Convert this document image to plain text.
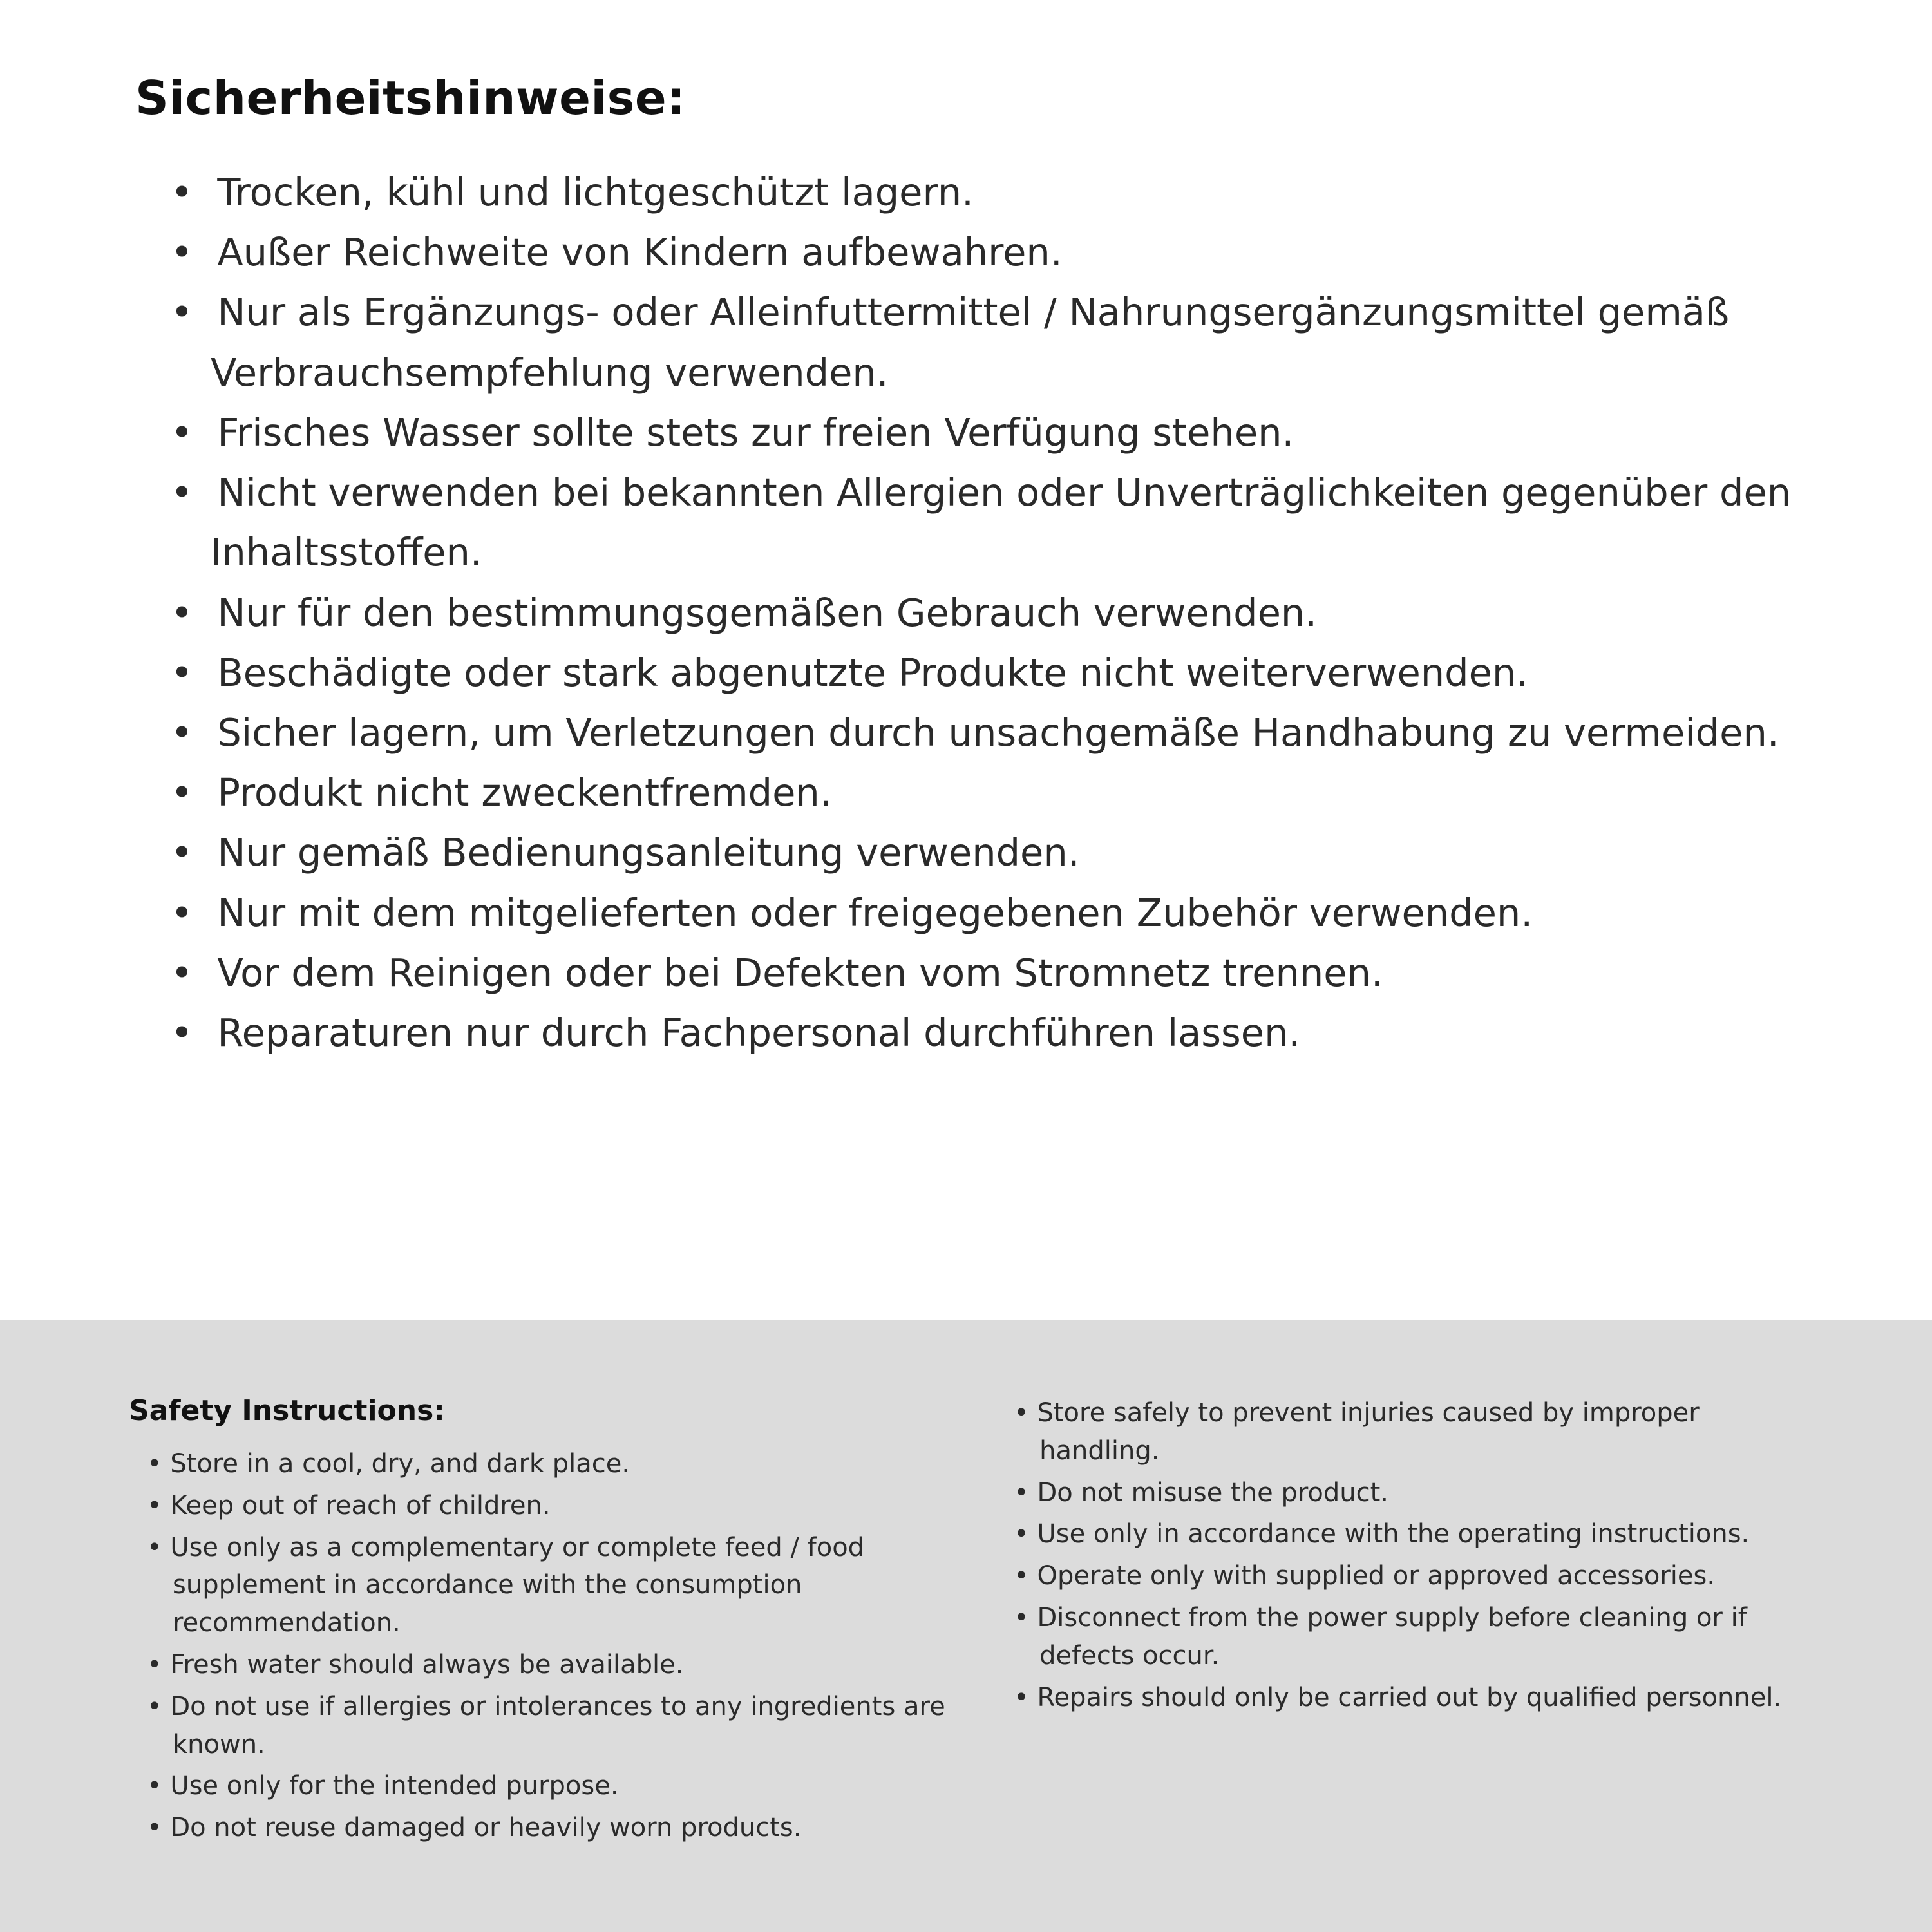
Sicherheitshinweise:
•  Trocken, kühl und lichtgeschützt lagern.
•  Außer Reichweite von Kindern aufbewahren.
•  Nur als Ergänzungs- oder Alleinfuttermittel / Nahrungsergänzungsmittel gemäß Verbrauchsempfehlung verwenden.
•  Frisches Wasser sollte stets zur freien Verfügung stehen.
•  Nicht verwenden bei bekannten Allergien oder Unverträglichkeiten gegenüber den Inhaltsstoffen.
•  Nur für den bestimmungsgemäßen Gebrauch verwenden.
•  Beschädigte oder stark abgenutzte Produkte nicht weiterverwenden.
•  Sicher lagern, um Verletzungen durch unsachgemäße Handhabung zu vermeiden.
•  Produkt nicht zweckentfremden.
•  Nur gemäß Bedienungsanleitung verwenden.
•  Nur mit dem mitgelieferten oder freigegebenen Zubehör verwenden.
•  Vor dem Reinigen oder bei Defekten vom Stromnetz trennen.
•  Reparaturen nur durch Fachpersonal durchführen lassen.
Safety Instructions:
• Store in a cool, dry, and dark place.
• Keep out of reach of children.
• Use only as a complementary or complete feed / food supplement in accordance with the consumption recommendation.
• Fresh water should always be available.
• Do not use if allergies or intolerances to any ingredients are known.
• Use only for the intended purpose.
• Do not reuse damaged or heavily worn products.
• Store safely to prevent injuries caused by improper handling.
• Do not misuse the product.
• Use only in accordance with the operating instructions.
• Operate only with supplied or approved accessories.
• Disconnect from the power supply before cleaning or if defects occur.
• Repairs should only be carried out by qualified personnel.
